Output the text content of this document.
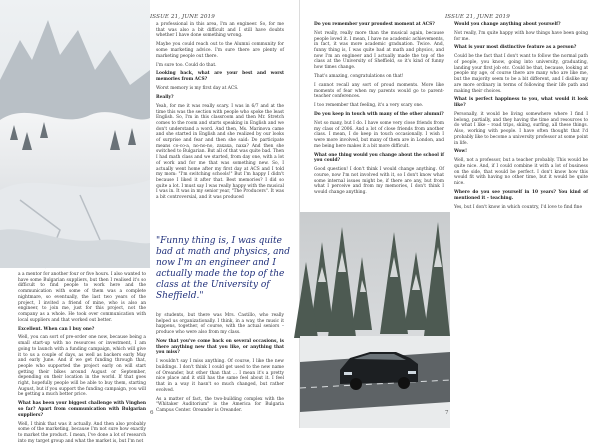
ISSUE 21, JUNE 2019

a a mentor for another four or five hours. I also wanted to have some Bulgarian suppliers, but then I realised it's so difficult to find people to work here and the communication with some of them was a complete nightmare, so eventually, the last two years of the project, I invited a friend of mine, who is also an engineer, to join me, just for this project, not the company as a whole. He took over communication with local suppliers and that worked out better.

Excellent. When can I buy one?

Well, you can sort of pre-order one now, because being a small start-up with no resources or investment, I am going to launch with a funding campaign, which will give it to us a couple of days, as well as backers early May and early June. And if we get funding through that, people who supported the project early on will start getting their bikes around August or September, depending on their location in the world. If that goes right, hopefully people will be able to buy them, starting August, but if you support the funding campaign, you will be getting a much better price.

What has been your biggest challenge with Vinghen so far? Apart from communication with Bulgarian suppliers?

Well, I think that was it actually. And then also probably some of the marketing, because I'm not sure how exactly to market the product. I mean, I've done a lot of research into my target group and what the market is, but I'm not

a professional in this area, I'm an engineer. So, for me that was also a bit difficult and I still have doubts whether I have done something wrong.

Maybe you could reach out to the Alumni community for some marketing advice. I'm sure there are plenty of marketing people out there.

I'm sure too. Could do that.

Looking back, what are your best and worst memories from ACS?

Worst memory is my first day at ACS.

Really?

Yeah, for me it was really scary. I was in 6/7 and at the time this was the section with people who spoke the least English. So, I'm in this classroom and then Mr. Stretch comes to the room and starts speaking in English and we don't understand a word. And then, Ms. Marinova came and she started in English and she realized by our looks of surprise and fear and then she said: Do participate means co-co-a, no-no-no, zaxaxa, naxa? And then she switched to Bulgarian. But all of that was quite bad. Then I had math class and we started, from day one, with a lot of work and for me that was something new. So, I actually went home after my first day at ACS and I told my mom: "I'm switching schools!" But I'm happy I didn't because I liked it after that. Best memories? I did so quite a lot. I must say I was really happy with the musical I was in. It was in my senior year, "The Producers". It was a bit controversial, and it was produced

"Funny thing is, I was quite bad at math and physics, and now I'm an engineer and I actually made the top of the class at the University of Sheffield."

by students, but there was Mrs. Castillo, who really helped us organizationally. I think, in a way, the music it happens, together, of course, with the actual seniors – produce who were also from my class.

Now that you've come back on several occasions, is there anything new that you like, or anything that you miss?

I wouldn't say I miss anything. Of course, I like the new buildings. I don't think I could get used to the new name of Oreander, but other than that … I mean it's a pretty nice place and it still has the same feel about it. I feel that in a way it hasn't so much changed, but rather evolved.

As a matter of fact, the two-building complex with the "Whitaker Auditorium" is the America for Bulgaria Campus Center. Oreander is Oreander.

6
ISSUE 21, JUNE 2019

Do you remember your proudest moment at ACS?

Not really, really more than the musical again, because people loved it. I mean, I have no academic achievements, in fact, it was more academic graduation. Twice. And, funny thing is, I was quite bad at math and physics, and now I'm an engineer and I actually made the top of the class at the University of Sheffield, so it's kind of funny how times change.

That's amazing, congratulations on that!

I cannot recall any sort of proud moments. More like moments of fear when my parents would go to parent-teacher conferences.

I too remember that feeling, it's a very scary one.

Do you keep in touch with many of the other alumni?

Not so many, but I do. I have some very close friends from my class of 2006. And a lot of close friends from another class. I mean, I do keep in touch occasionally. I wish I were more involved, but many of them are in London, and me being here makes it a bit more difficult.

What one thing would you change about the school if you could?

Good question! I don't think I would change anything. Of course, now I'm not involved with it, so I don't know what some internal issues might be, if there are any, but from what I perceive and from my memories, I don't think I would change anything.

Would you change anything about yourself?

Not really, I'm quite happy with how things have been going for me.

What is your most distinctive feature as a person?

Could be the fact that I don't want to follow the normal path of people, you know, going into university, graduating, landing your first job etc. Could be that, because, looking at people my age, of course there are many who are like me, but the majority seem to be a bit different, and I dislike my are more ordinary in terms of following their life path and making their choices.

What is perfect happiness to you, what would it look like?

Personally, it would be living somewhere where I find I belong, partially, and they having the time and resources to do what I like – road trips, skiing, surfing, all these things. Also, working with people. I have often thought that I'd probably like to become a university professor at some point in life.

Wow!

Well, not a professor, but a teacher probably. This would be quite nice. And, if I could combine it with a lot of business on the side, that would be perfect. I don't know how this would fit with having no other time, but it would be quite nice.

Where do you see yourself in 10 years? You kind of mentioned it – teaching.

Yes, but I don't know in which country, I'd love to find fine

7
